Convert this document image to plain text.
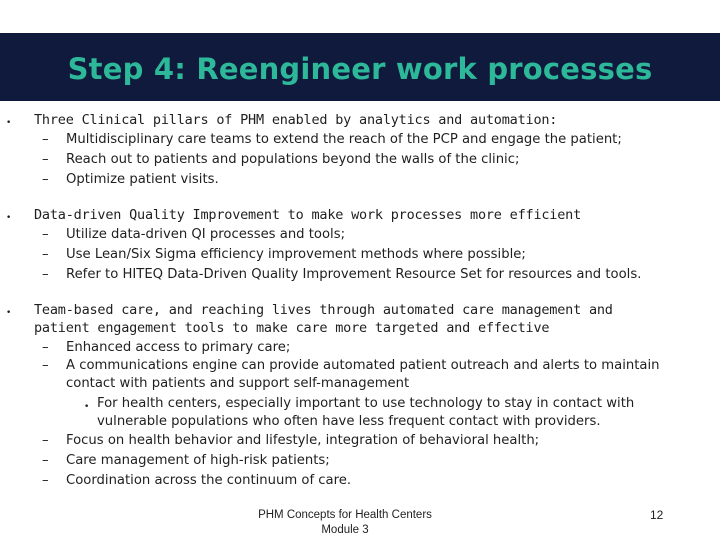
Step 4: Reengineer work processes
• Three Clinical pillars of PHM enabled by analytics and automation:
– Multidisciplinary care teams to extend the reach of the PCP and engage the patient;
– Reach out to patients and populations beyond the walls of the clinic;
– Optimize patient visits.
• Data-driven Quality Improvement to make work processes more efficient
– Utilize data-driven QI processes and tools;
– Use Lean/Six Sigma efficiency improvement methods where possible;
– Refer to HITEQ Data-Driven Quality Improvement Resource Set for resources and tools.
• Team-based care, and reaching lives through automated care management and
patient engagement tools to make care more targeted and effective
– Enhanced access to primary care;
– A communications engine can provide automated patient outreach and alerts to maintain
contact with patients and support self-management
• For health centers, especially important to use technology to stay in contact with
vulnerable populations who often have less frequent contact with providers.
– Focus on health behavior and lifestyle, integration of behavioral health;
– Care management of high-risk patients;
– Coordination across the continuum of care.
PHM Concepts for Health Centers
Module 3
12
